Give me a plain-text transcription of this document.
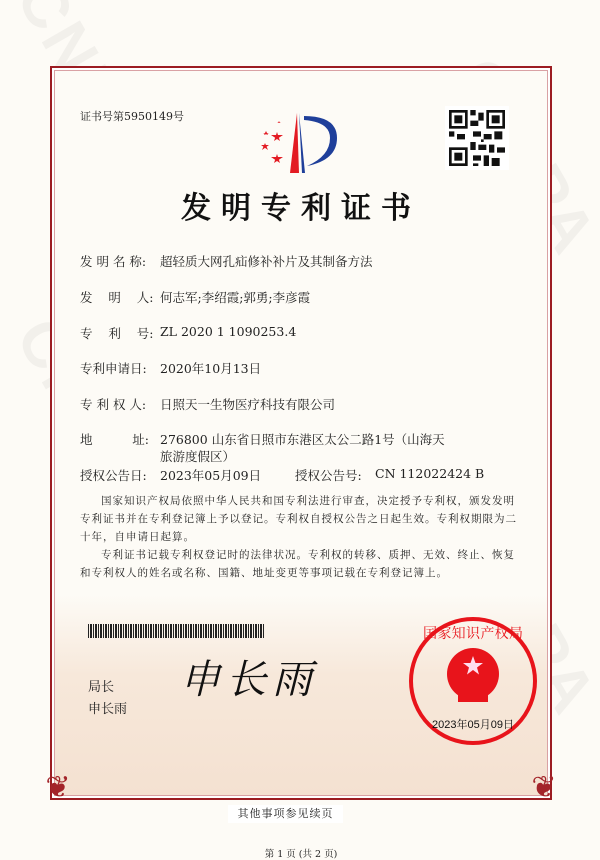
❦	❦
证书号第5950149号
发明专利证书
发 明 名 称:	超轻质大网孔疝修补补片及其制备方法
发    明    人: 何志军;李绍霞;郭勇;李彦霞
专    利    号: ZL 2020 1 1090253.4
专利申请日:	2020年10月13日
专 利 权 人:	日照天一生物医疗科技有限公司
地          址: 276800 山东省日照市东港区太公二路1号（山海天旅游度假区）
授权公告日:	2023年05月09日	授权公告号:	CN 112022424 B
国家知识产权局依照中华人民共和国专利法进行审查，决定授予专利权，颁发发明专利证书并在专利登记簿上予以登记。专利权自授权公告之日起生效。专利权期限为二十年，自申请日起算。
专利证书记载专利权登记时的法律状况。专利权的转移、质押、无效、终止、恢复和专利权人的姓名或名称、国籍、地址变更等事项记载在专利登记簿上。
局长
申长雨
申长雨
国家知识产权局
2023年05月09日
第 1 页 (共 2 页)
其他事项参见续页
